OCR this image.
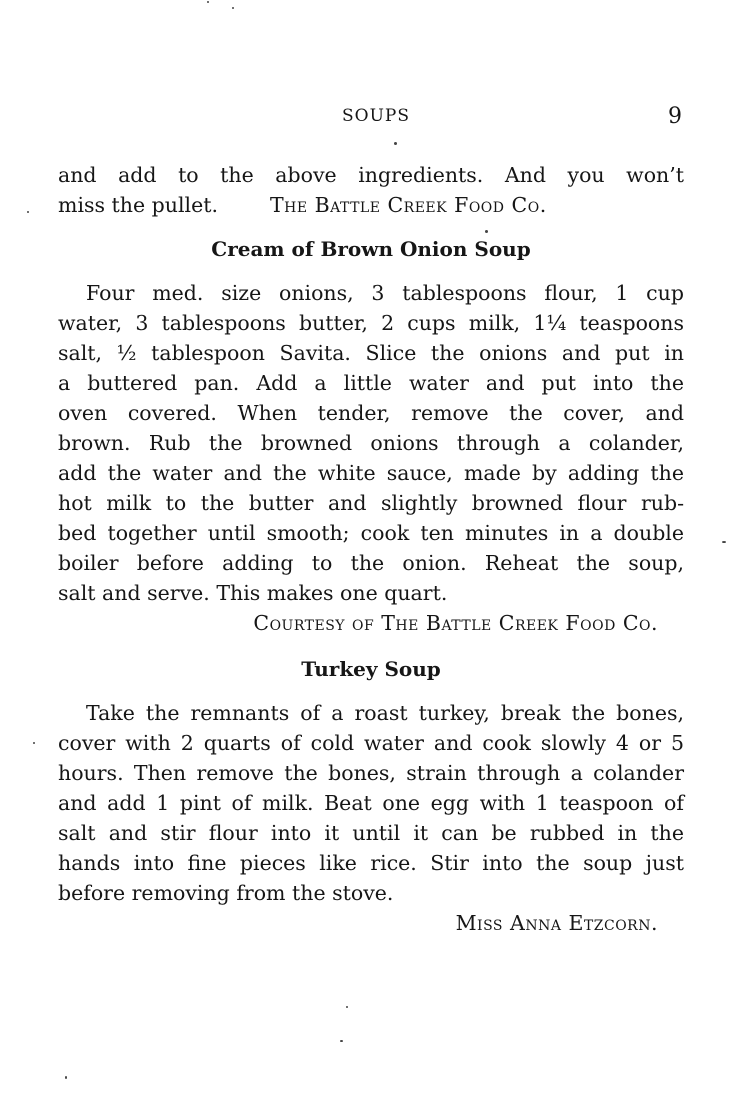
SOUPS	9

and add to the above ingredients. And you won’t
miss the pullet.	The Battle Creek Food Co.

Cream of Brown Onion Soup

Four med. size onions, 3 tablespoons flour, 1 cup
water, 3 tablespoons butter, 2 cups milk, 1¼ teaspoons
salt, ½ tablespoon Savita. Slice the onions and put in
a buttered pan. Add a little water and put into the
oven covered. When tender, remove the cover, and
brown. Rub the browned onions through a colander,
add the water and the white sauce, made by adding the
hot milk to the butter and slightly browned flour rub-
bed together until smooth; cook ten minutes in a double
boiler before adding to the onion. Reheat the soup,
salt and serve. This makes one quart.
Courtesy of The Battle Creek Food Co.

Turkey Soup

Take the remnants of a roast turkey, break the bones,
cover with 2 quarts of cold water and cook slowly 4 or 5
hours. Then remove the bones, strain through a colander
and add 1 pint of milk. Beat one egg with 1 teaspoon of
salt and stir flour into it until it can be rubbed in the
hands into fine pieces like rice. Stir into the soup just
before removing from the stove.
Miss Anna Etzcorn.
